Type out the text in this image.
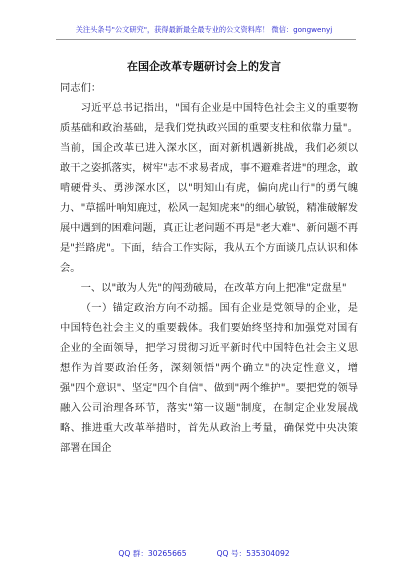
关注头条号"公文研究"，获得最新最全最专业的公文资料库！ 微信：gongwenyj
在国企改革专题研讨会上的发言

同志们：

习近平总书记指出，"国有企业是中国特色社会主义的重要物质基础和政治基础，是我们党执政兴国的重要支柱和依靠力量"。当前，国企改革已进入深水区，面对新机遇新挑战，我们必须以敢干之姿抓落实，树牢"志不求易者成，事不避难者进"的理念，敢啃硬骨头、勇涉深水区，以"明知山有虎，偏向虎山行"的勇气魄力、"草摇叶响知鹿过，松风一起知虎来"的细心敏锐，精准破解发展中遇到的困难问题，真正让老问题不再是"老大难"、新问题不再是"拦路虎"。下面，结合工作实际，我从五个方面谈几点认识和体会。

一、以"敢为人先"的闯劲破局，在改革方向上把准"定盘星"

（一）锚定政治方向不动摇。国有企业是党领导的企业，是中国特色社会主义的重要载体。我们要始终坚持和加强党对国有企业的全面领导，把学习贯彻习近平新时代中国特色社会主义思想作为首要政治任务，深刻领悟"两个确立"的决定性意义，增强"四个意识"、坚定"四个自信"、做到"两个维护"。要把党的领导融入公司治理各环节，落实"第一议题"制度，在制定企业发展战略、推进重大改革举措时，首先从政治上考量，确保党中央决策部署在国企

QQ 群：30265665	QQ 号：535304092
